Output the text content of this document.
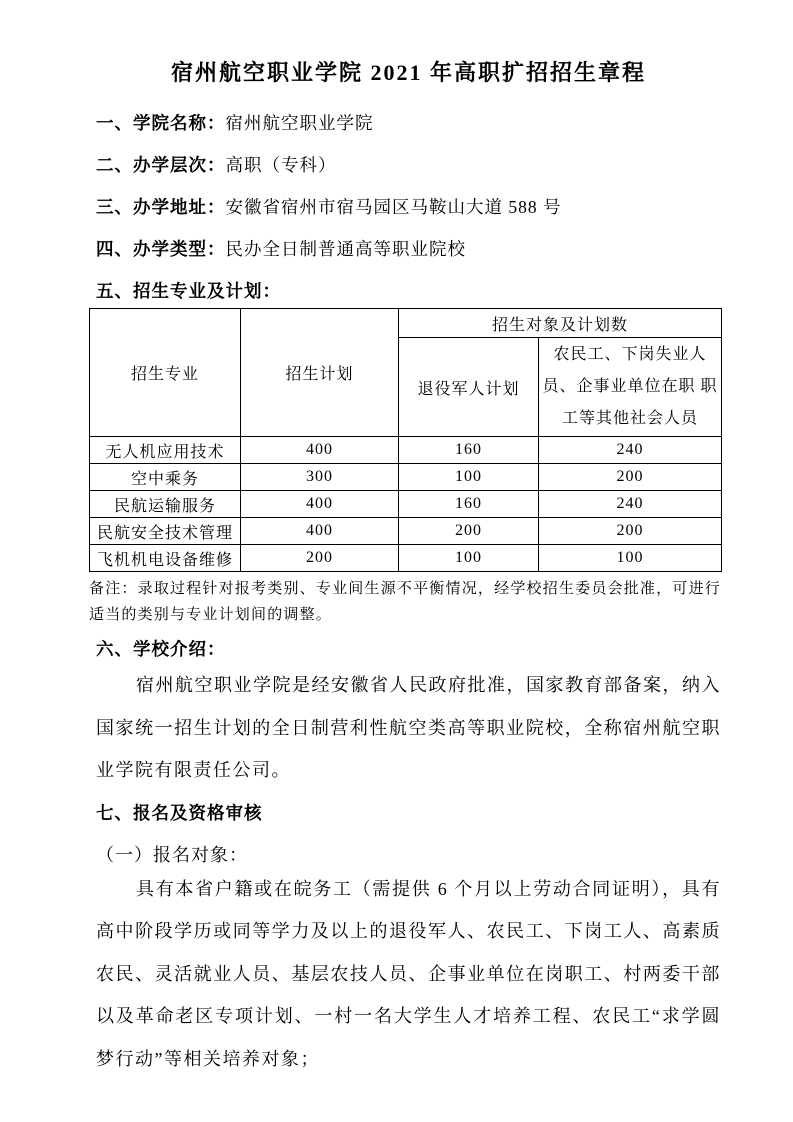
宿州航空职业学院 2021 年高职扩招招生章程
一、学院名称：宿州航空职业学院
二、办学层次：高职（专科）
三、办学地址：安徽省宿州市宿马园区马鞍山大道 588 号
四、办学类型：民办全日制普通高等职业院校
五、招生专业及计划：
招生专业	招生计划	招生对象及计划数	
		退役军人计划	农民工、下岗失业人员、企事业单位在职 职工等其他社会人员
无人机应用技术	400	160	240
空中乘务	300	100	200
民航运输服务	400	160	240
民航安全技术管理	400	200	200
飞机机电设备维修	200	100	100
备注：录取过程针对报考类别、专业间生源不平衡情况，经学校招生委员会批准，可进行适当的类别与专业计划间的调整。
六、学校介绍：
宿州航空职业学院是经安徽省人民政府批准，国家教育部备案，纳入国家统一招生计划的全日制营利性航空类高等职业院校，全称宿州航空职业学院有限责任公司。
七、报名及资格审核
（一）报名对象：
具有本省户籍或在皖务工（需提供 6 个月以上劳动合同证明），具有高中阶段学历或同等学力及以上的退役军人、农民工、下岗工人、高素质农民、灵活就业人员、基层农技人员、企事业单位在岗职工、村两委干部以及革命老区专项计划、一村一名大学生人才培养工程、农民工“求学圆梦行动”等相关培养对象；
